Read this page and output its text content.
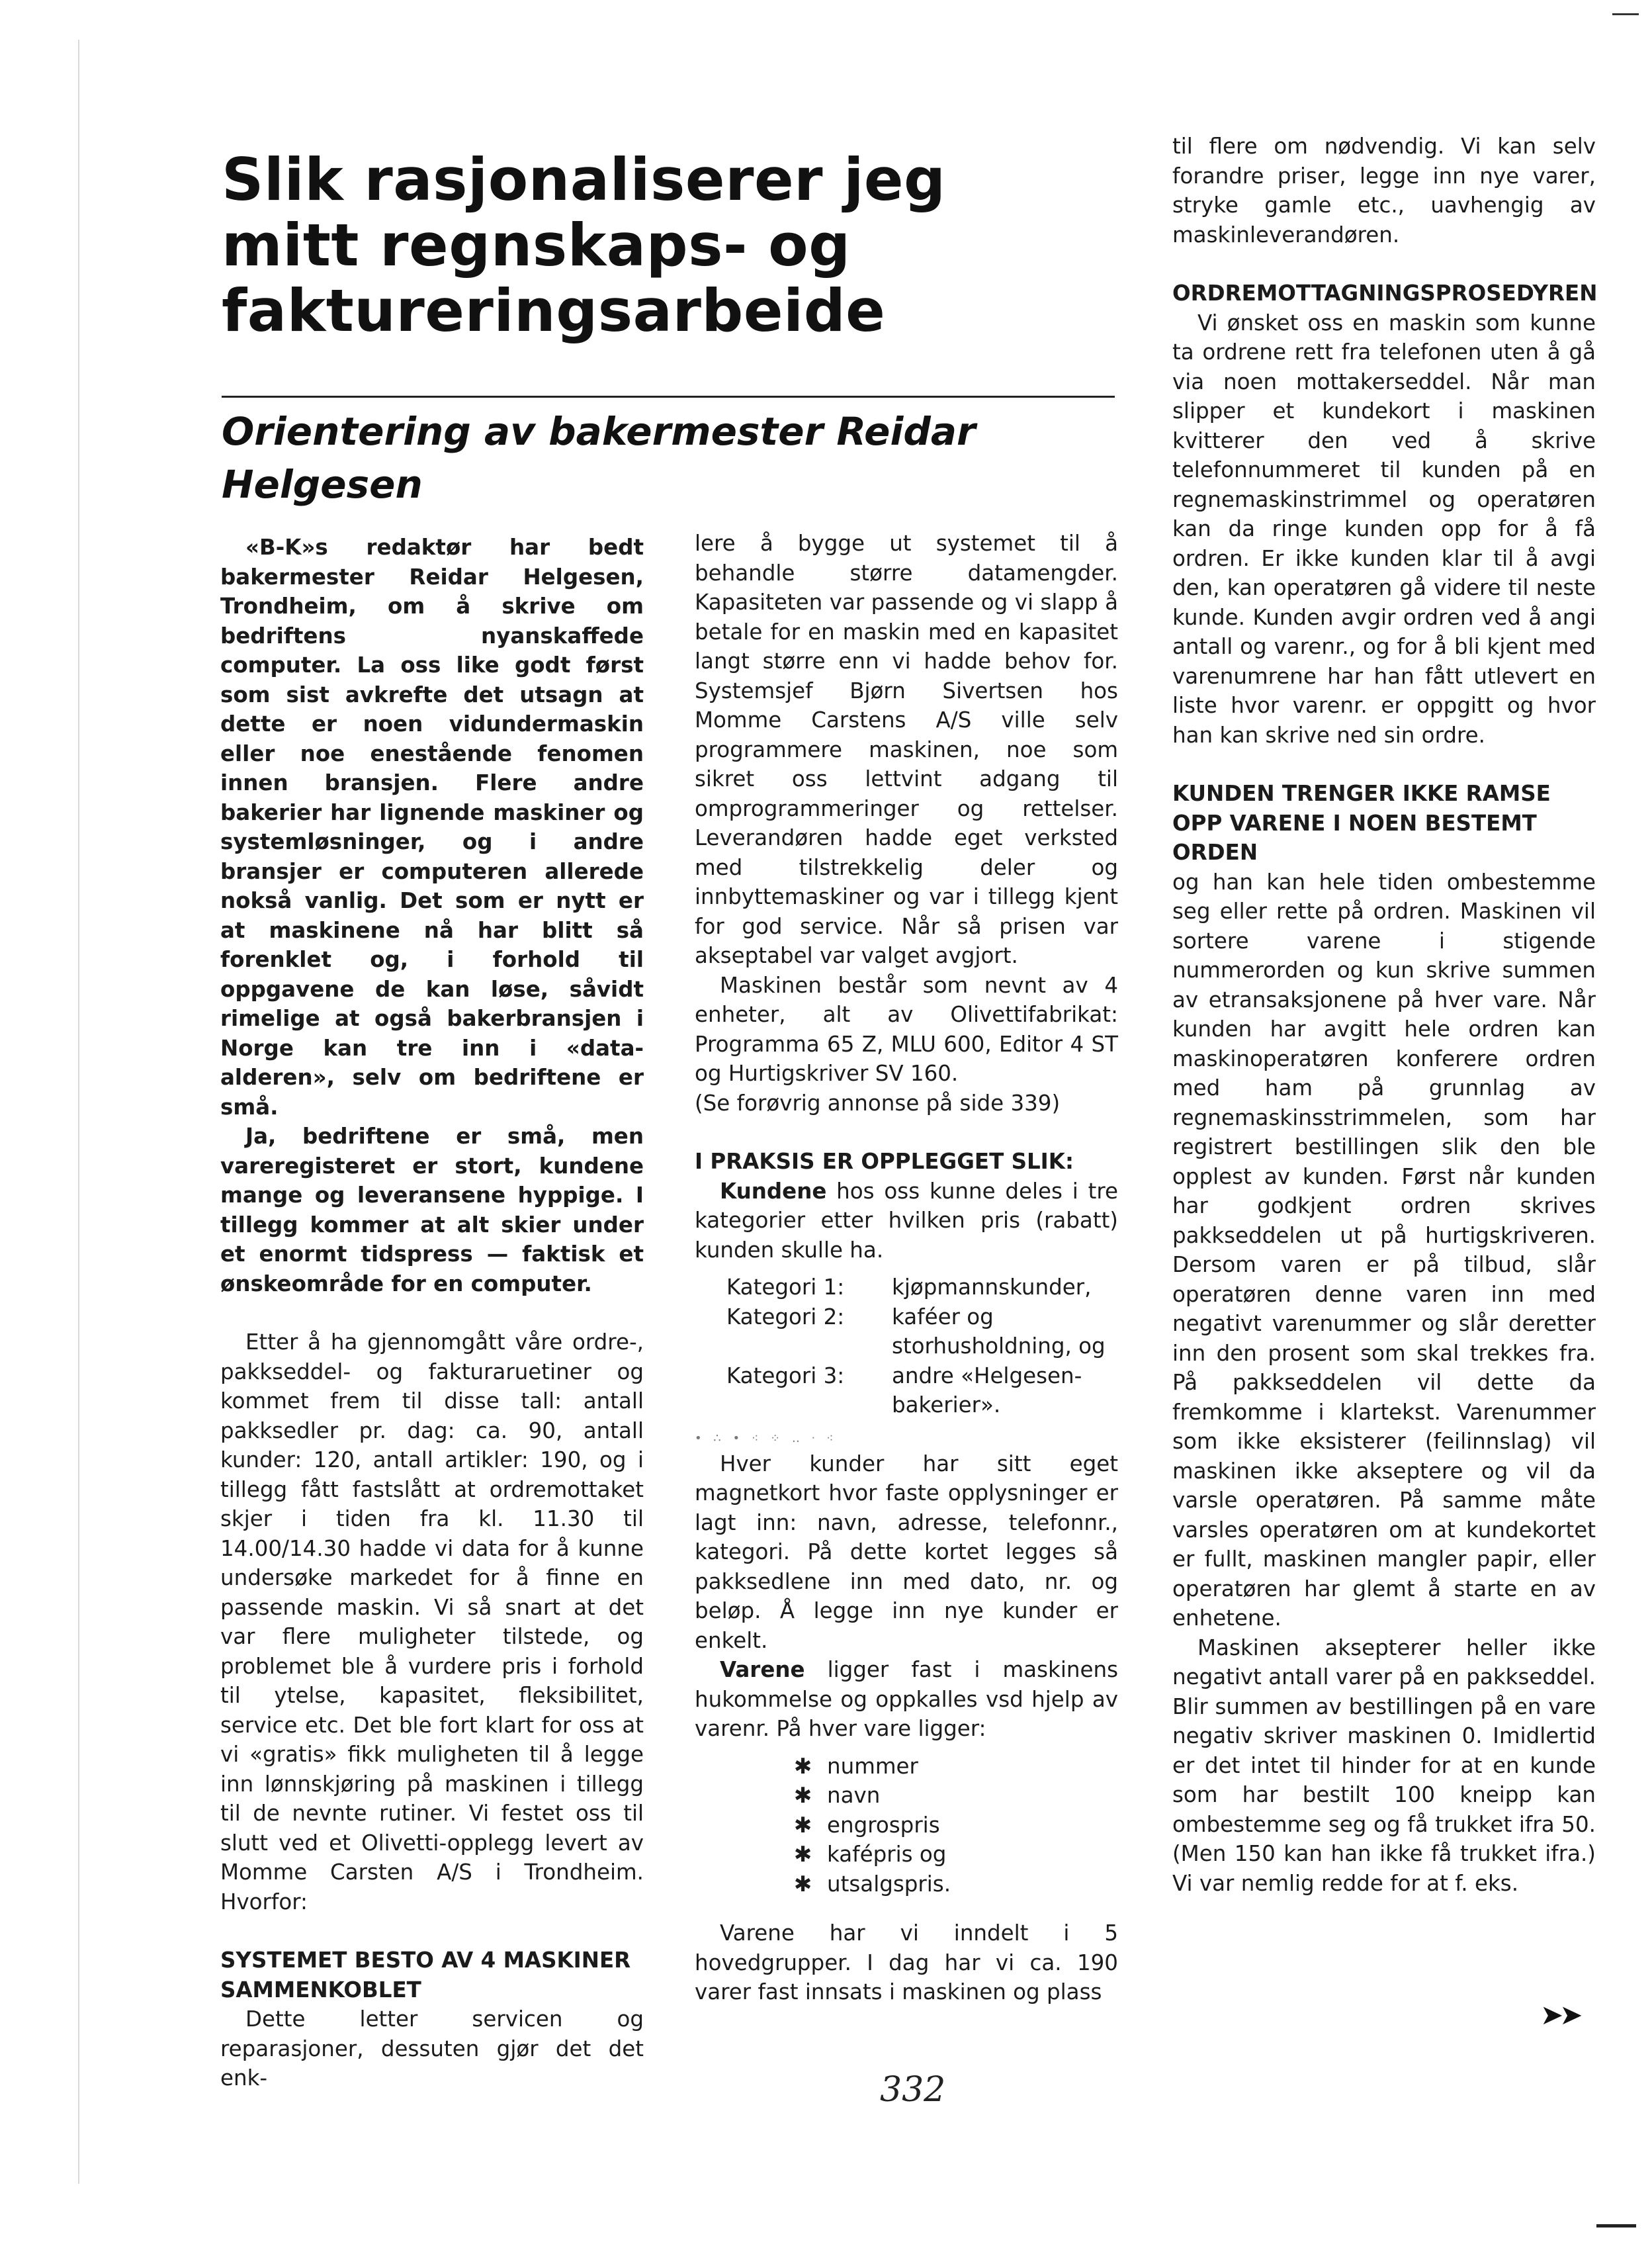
Slik rasjonaliserer jeg
mitt regnskaps- og
faktureringsarbeide
Orientering av bakermester Reidar Helgesen

«B-K»s redaktør har bedt bakermester Reidar Helgesen, Trondheim, om å skrive om bedriftens nyanskaffede computer. La oss like godt først som sist avkrefte det utsagn at dette er noen vidundermaskin eller noe enestående fenomen innen bransjen. Flere andre bakerier har lignende maskiner og systemløsninger, og i andre bransjer er computeren allerede nokså vanlig. Det som er nytt er at maskinene nå har blitt så forenklet og, i forhold til oppgavene de kan løse, såvidt rimelige at også bakerbransjen i Norge kan tre inn i «data-alderen», selv om bedriftene er små.

Ja, bedriftene er små, men vareregisteret er stort, kundene mange og leveransene hyppige. I tillegg kommer at alt skier under et enormt tidspress — faktisk et ønskeområde for en computer.

Etter å ha gjennomgått våre ordre-, pakkseddel- og fakturaruetiner og kommet frem til disse tall: antall pakksedler pr. dag: ca. 90, antall kunder: 120, antall artikler: 190, og i tillegg fått fastslått at ordremottaket skjer i tiden fra kl. 11.30 til 14.00/14.30 hadde vi data for å kunne undersøke markedet for å finne en passende maskin. Vi så snart at det var flere muligheter tilstede, og problemet ble å vurdere pris i forhold til ytelse, kapasitet, fleksibilitet, service etc. Det ble fort klart for oss at vi «gratis» fikk muligheten til å legge inn lønnskjøring på maskinen i tillegg til de nevnte rutiner. Vi festet oss til slutt ved et Olivetti-opplegg levert av Momme Carsten A/S i Trondheim. Hvorfor:

SYSTEMET BESTO AV 4 MASKINER SAMMENKOBLET

Dette letter servicen og reparasjoner, dessuten gjør det det enk-

lere å bygge ut systemet til å behandle større datamengder. Kapasiteten var passende og vi slapp å betale for en maskin med en kapasitet langt større enn vi hadde behov for. Systemsjef Bjørn Sivertsen hos Momme Carstens A/S ville selv programmere maskinen, noe som sikret oss lettvint adgang til omprogrammeringer og rettelser. Leverandøren hadde eget verksted med tilstrekkelig deler og innbyttemaskiner og var i tillegg kjent for god service. Når så prisen var akseptabel var valget avgjort.

Maskinen består som nevnt av 4 enheter, alt av Olivettifabrikat: Programma 65 Z, MLU 600, Editor 4 ST og Hurtigskriver SV 160.

(Se forøvrig annonse på side 339)

I PRAKSIS ER OPPLEGGET SLIK:

Kundene hos oss kunne deles i tre kategorier etter hvilken pris (rabatt) kunden skulle ha.

Kategori 1:	kjøpmannskunder,
Kategori 2:	kaféer og storhusholdning, og
Kategori 3:	andre «Helgesen-bakerier».
• ∴ • ⁖ ⁘ ‥ ᐧ ⁖

Hver kunder har sitt eget magnetkort hvor faste opplysninger er lagt inn: navn, adresse, telefonnr., kategori. På dette kortet legges så pakksedlene inn med dato, nr. og beløp. Å legge inn nye kunder er enkelt.

Varene ligger fast i maskinens hukommelse og oppkalles vsd hjelp av varenr. På hver vare ligger:

✱ nummer
✱ navn
✱ engrospris
✱ kafépris og
✱ utsalgspris.

Varene har vi inndelt i 5 hovedgrupper. I dag har vi ca. 190 varer fast innsats i maskinen og plass

til flere om nødvendig. Vi kan selv forandre priser, legge inn nye varer, stryke gamle etc., uavhengig av maskinleverandøren.

ORDREMOTTAGNINGSPROSEDYREN

Vi ønsket oss en maskin som kunne ta ordrene rett fra telefonen uten å gå via noen mottakerseddel. Når man slipper et kundekort i maskinen kvitterer den ved å skrive telefonnummeret til kunden på en regnemaskinstrimmel og operatøren kan da ringe kunden opp for å få ordren. Er ikke kunden klar til å avgi den, kan operatøren gå videre til neste kunde. Kunden avgir ordren ved å angi antall og varenr., og for å bli kjent med varenumrene har han fått utlevert en liste hvor varenr. er oppgitt og hvor han kan skrive ned sin ordre.

KUNDEN TRENGER IKKE RAMSE OPP VARENE I NOEN BESTEMT ORDEN

og han kan hele tiden ombestemme seg eller rette på ordren. Maskinen vil sortere varene i stigende nummerorden og kun skrive summen av etransaksjonene på hver vare. Når kunden har avgitt hele ordren kan maskinoperatøren konferere ordren med ham på grunnlag av regnemaskinsstrimmelen, som har registrert bestillingen slik den ble opplest av kunden. Først når kunden har godkjent ordren skrives pakkseddelen ut på hurtigskriveren. Dersom varen er på tilbud, slår operatøren denne varen inn med negativt varenummer og slår deretter inn den prosent som skal trekkes fra. På pakkseddelen vil dette da fremkomme i klartekst. Varenummer som ikke eksisterer (feilinnslag) vil maskinen ikke akseptere og vil da varsle operatøren. På samme måte varsles operatøren om at kundekortet er fullt, maskinen mangler papir, eller operatøren har glemt å starte en av enhetene.

Maskinen aksepterer heller ikke negativt antall varer på en pakkseddel. Blir summen av bestillingen på en vare negativ skriver maskinen 0. Imidlertid er det intet til hinder for at en kunde som har bestilt 100 kneipp kan ombestemme seg og få trukket ifra 50. (Men 150 kan han ikke få trukket ifra.) Vi var nemlig redde for at f. eks.

➤➤
332
